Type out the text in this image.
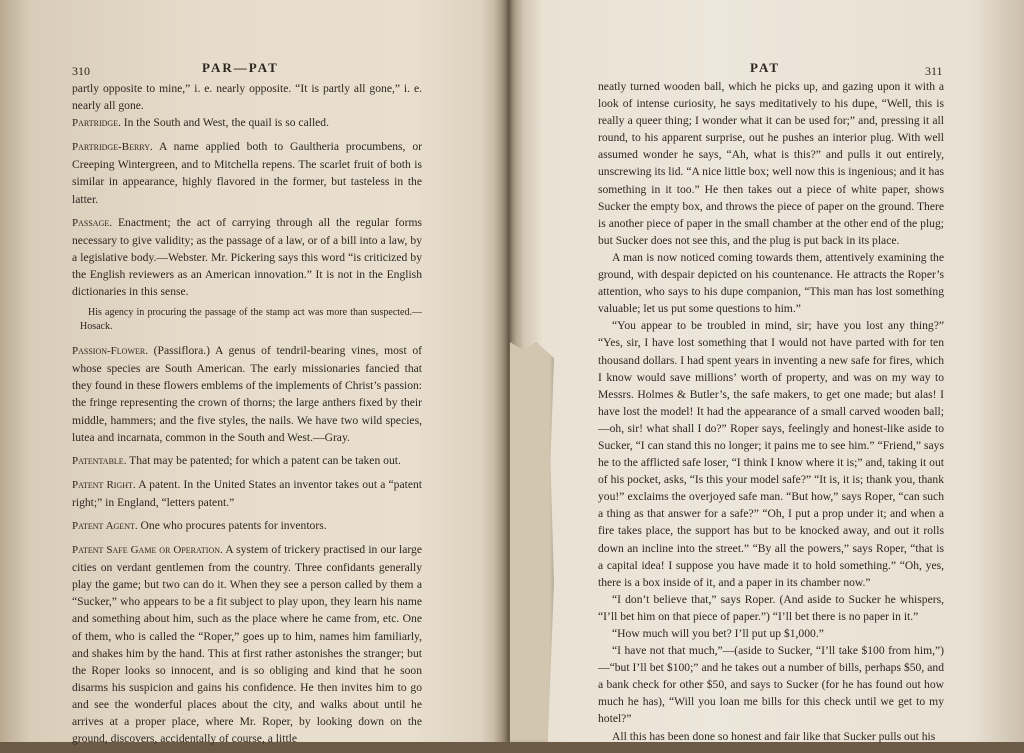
310	PAR—PAT

partly opposite to mine,” i. e. nearly opposite. “It is partly all gone,” i. e. nearly all gone.

Partridge. In the South and West, the quail is so called.

Partridge-Berry. A name applied both to Gaultheria procumbens, or Creeping Wintergreen, and to Mitchella repens. The scarlet fruit of both is similar in appearance, highly flavored in the former, but tasteless in the latter.

Passage. Enactment; the act of carrying through all the regular forms necessary to give validity; as the passage of a law, or of a bill into a law, by a legislative body.—Webster. Mr. Pickering says this word “is criticized by the English reviewers as an American innovation.” It is not in the English dictionaries in this sense.

His agency in procuring the passage of the stamp act was more than suspected.—Hosack.

Passion-Flower. (Passiflora.) A genus of tendril-bearing vines, most of whose species are South American. The early missionaries fancied that they found in these flowers emblems of the implements of Christ’s passion: the fringe representing the crown of thorns; the large anthers fixed by their middle, hammers; and the five styles, the nails. We have two wild species, lutea and incarnata, common in the South and West.—Gray.

Patentable. That may be patented; for which a patent can be taken out.

Patent Right. A patent. In the United States an inventor takes out a “patent right;” in England, “letters patent.”

Patent Agent. One who procures patents for inventors.

Patent Safe Game or Operation. A system of trickery practised in our large cities on verdant gentlemen from the country. Three confidants generally play the game; but two can do it. When they see a person called by them a “Sucker,” who appears to be a fit subject to play upon, they learn his name and something about him, such as the place where he came from, etc. One of them, who is called the “Roper,” goes up to him, names him familiarly, and shakes him by the hand. This at first rather astonishes the stranger; but the Roper looks so innocent, and is so obliging and kind that he soon disarms his suspicion and gains his confidence. He then invites him to go and see the wonderful places about the city, and walks about until he arrives at a proper place, where Mr. Roper, by looking down on the ground, discovers, accidentally of course, a little

PAT	311

neatly turned wooden ball, which he picks up, and gazing upon it with a look of intense curiosity, he says meditatively to his dupe, “Well, this is really a queer thing; I wonder what it can be used for;” and, pressing it all round, to his apparent surprise, out he pushes an interior plug. With well assumed wonder he says, “Ah, what is this?” and pulls it out entirely, unscrewing its lid. “A nice little box; well now this is ingenious; and it has something in it too.” He then takes out a piece of white paper, shows Sucker the empty box, and throws the piece of paper on the ground. There is another piece of paper in the small chamber at the other end of the plug; but Sucker does not see this, and the plug is put back in its place.

A man is now noticed coming towards them, attentively examining the ground, with despair depicted on his countenance. He attracts the Roper’s attention, who says to his dupe companion, “This man has lost something valuable; let us put some questions to him.”

“You appear to be troubled in mind, sir; have you lost any thing?” “Yes, sir, I have lost something that I would not have parted with for ten thousand dollars. I had spent years in inventing a new safe for fires, which I know would save millions’ worth of property, and was on my way to Messrs. Holmes & Butler’s, the safe makers, to get one made; but alas! I have lost the model! It had the appearance of a small carved wooden ball;—oh, sir! what shall I do?” Roper says, feelingly and honest-like aside to Sucker, “I can stand this no longer; it pains me to see him.” “Friend,” says he to the afflicted safe loser, “I think I know where it is;” and, taking it out of his pocket, asks, “Is this your model safe?” “It is, it is; thank you, thank you!” exclaims the overjoyed safe man. “But how,” says Roper, “can such a thing as that answer for a safe?” “Oh, I put a prop under it; and when a fire takes place, the support has but to be knocked away, and out it rolls down an incline into the street.” “By all the powers,” says Roper, “that is a capital idea! I suppose you have made it to hold something.” “Oh, yes, there is a box inside of it, and a paper in its chamber now.”

“I don’t believe that,” says Roper. (And aside to Sucker he whispers, “I’ll bet him on that piece of paper.”) “I’ll bet there is no paper in it.”

“How much will you bet? I’ll put up $1,000.”

“I have not that much,”—(aside to Sucker, “I’ll take $100 from him,”)—“but I’ll bet $100;” and he takes out a number of bills, perhaps $50, and a bank check for other $50, and says to Sucker (for he has found out how much he has), “Will you loan me bills for this check until we get to my hotel?”

All this has been done so honest and fair like that Sucker pulls out his
